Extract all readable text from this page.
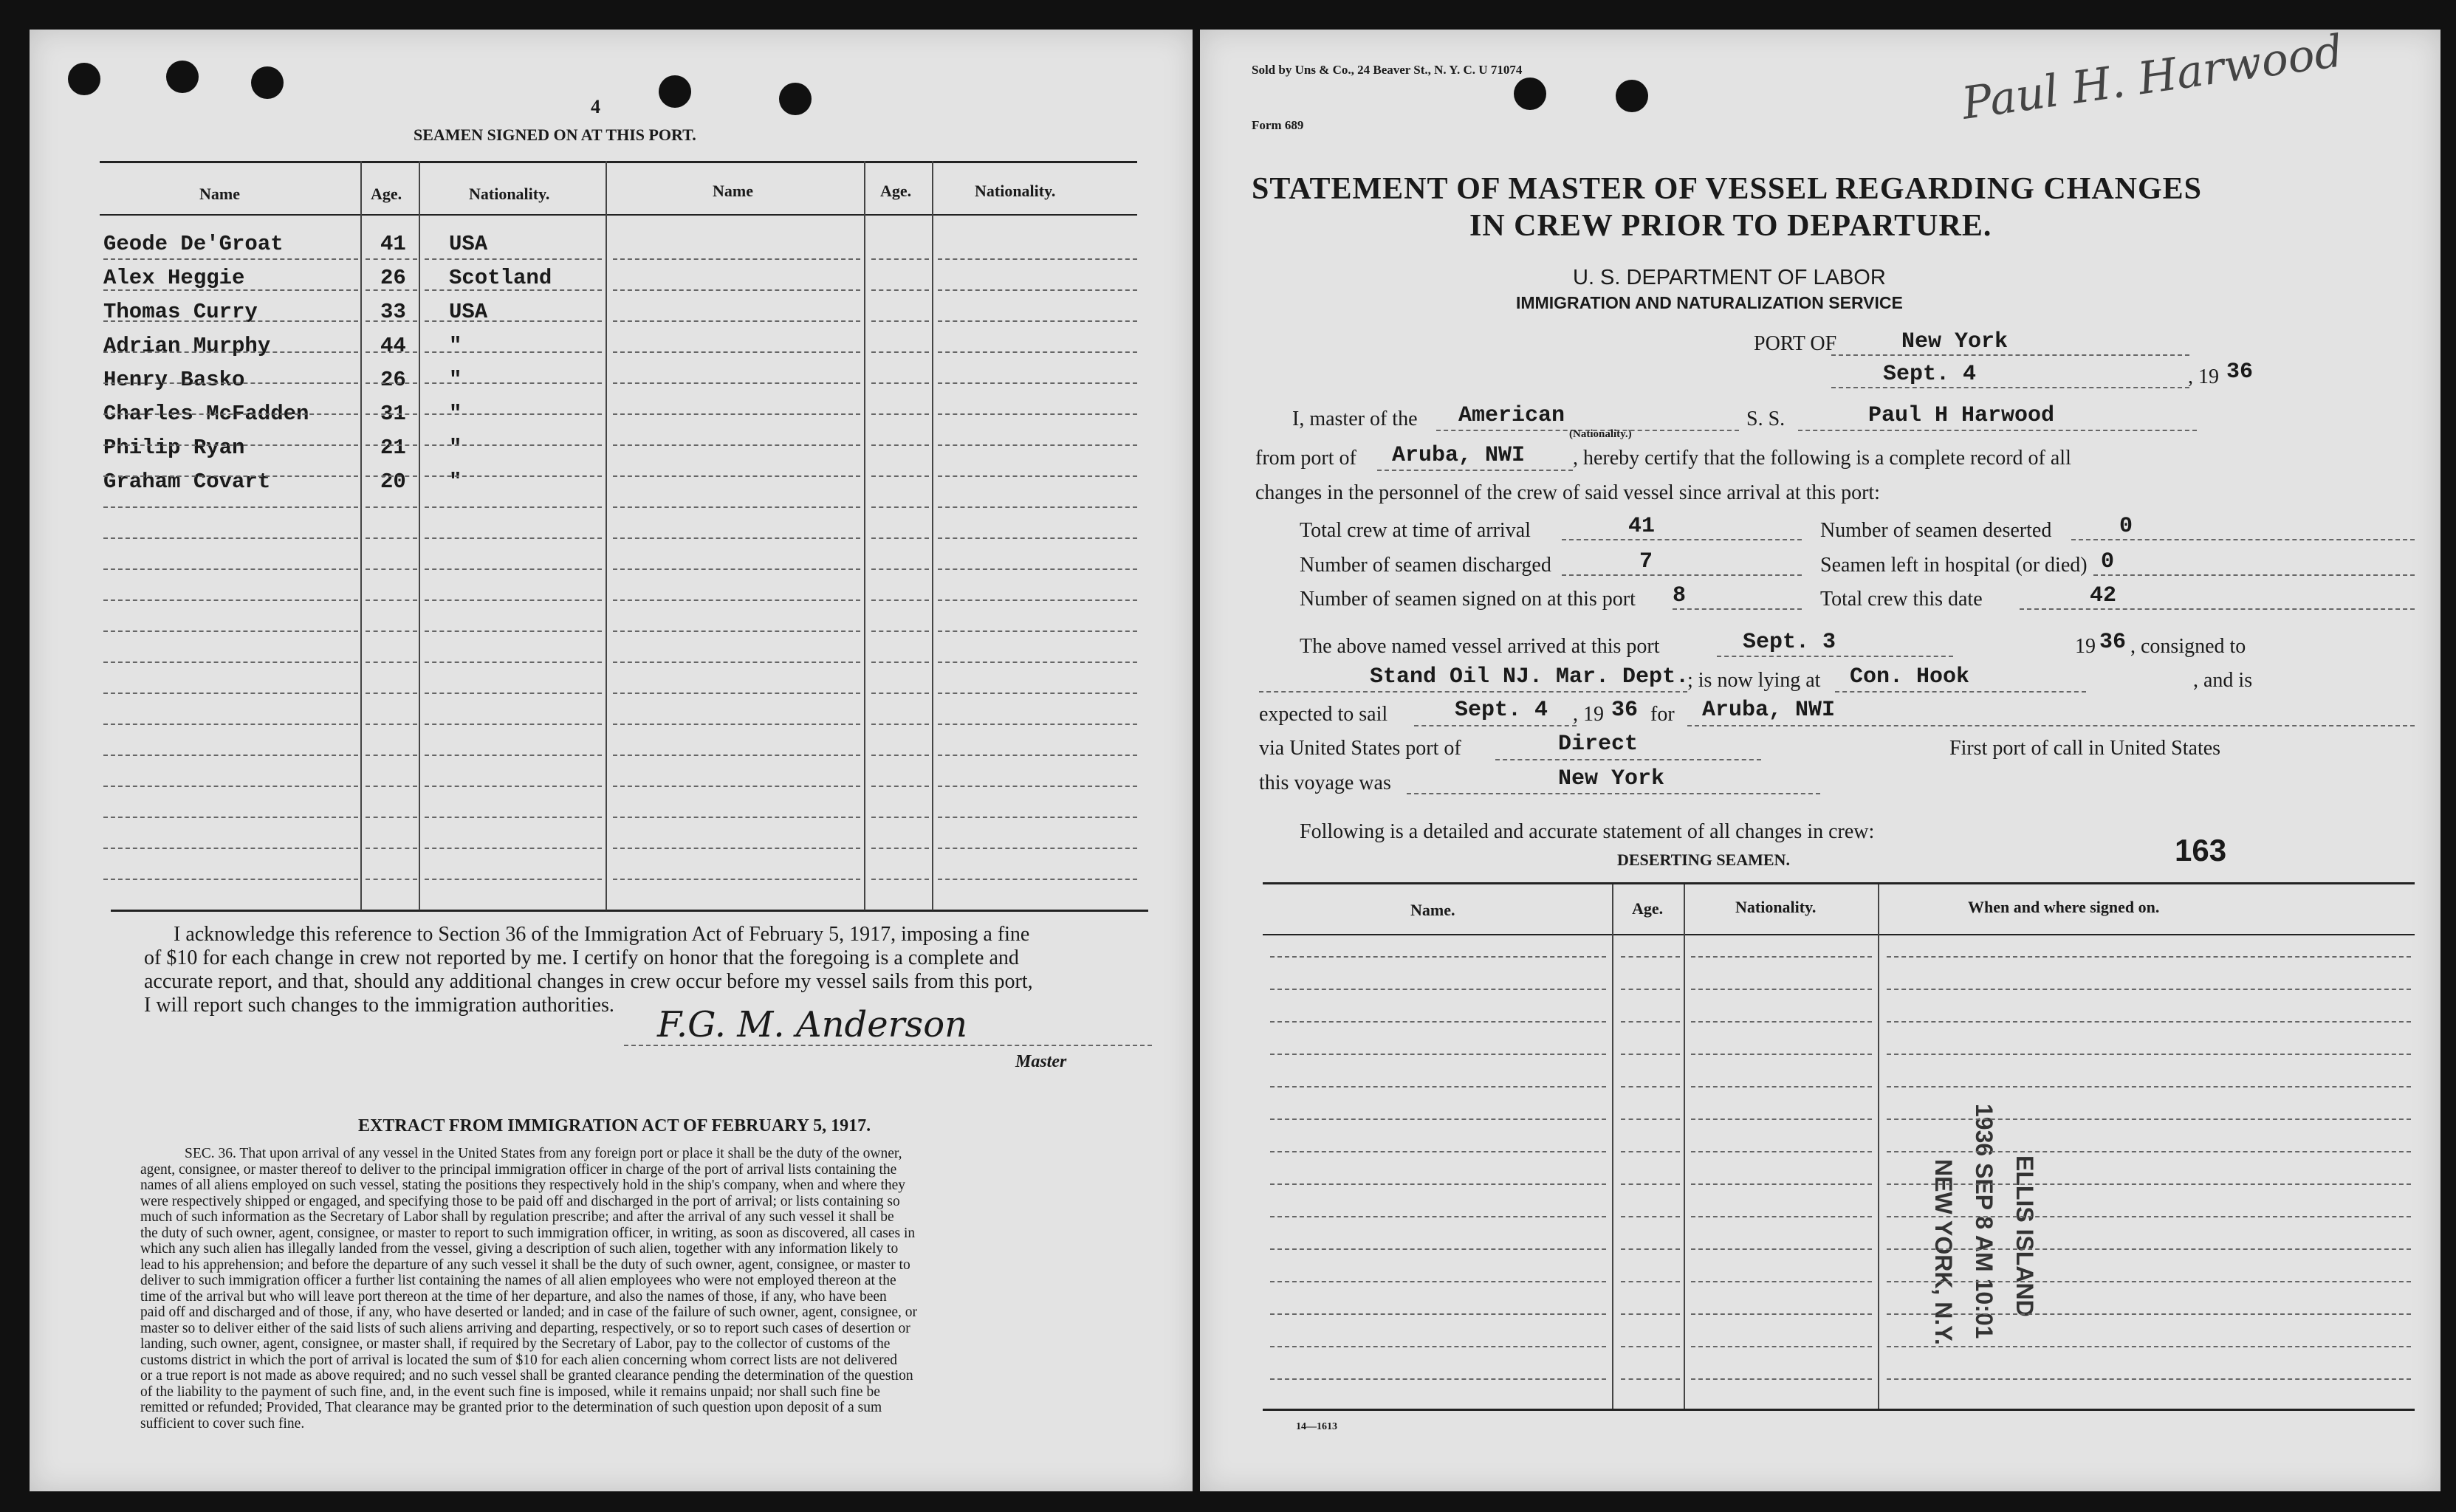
4
SEAMEN SIGNED ON AT THIS PORT.
Name	Age.	Nationality.	Name	Age.	Nationality.
I acknowledge this reference to Section 36 of the Immigration Act of February 5, 1917, imposing a fine
of $10 for each change in crew not reported by me. I certify on honor that the foregoing is a complete and
accurate report, and that, should any additional changes in crew occur before my vessel sails from this port,
I will report such changes to the immigration authorities.	F.G. M. Anderson
Master
EXTRACT FROM IMMIGRATION ACT OF FEBRUARY 5, 1917.
SEC. 36. That upon arrival of any vessel in the United States from any foreign port or place it shall be the duty of the owner,
agent, consignee, or master thereof to deliver to the principal immigration officer in charge of the port of arrival lists containing the
names of all aliens employed on such vessel, stating the positions they respectively hold in the ship's company, when and where they
were respectively shipped or engaged, and specifying those to be paid off and discharged in the port of arrival; or lists containing so
much of such information as the Secretary of Labor shall by regulation prescribe; and after the arrival of any such vessel it shall be
the duty of such owner, agent, consignee, or master to report to such immigration officer, in writing, as soon as discovered, all cases in
which any such alien has illegally landed from the vessel, giving a description of such alien, together with any information likely to
lead to his apprehension; and before the departure of any such vessel it shall be the duty of such owner, agent, consignee, or master to
deliver to such immigration officer a further list containing the names of all alien employees who were not employed thereon at the
time of the arrival but who will leave port thereon at the time of her departure, and also the names of those, if any, who have been
paid off and discharged and of those, if any, who have deserted or landed; and in case of the failure of such owner, agent, consignee, or
master so to deliver either of the said lists of such aliens arriving and departing, respectively, or so to report such cases of desertion or
landing, such owner, agent, consignee, or master shall, if required by the Secretary of Labor, pay to the collector of customs of the
customs district in which the port of arrival is located the sum of $10 for each alien concerning whom correct lists are not delivered
or a true report is not made as above required; and no such vessel shall be granted clearance pending the determination of the question
of the liability to the payment of such fine, and, in the event such fine is imposed, while it remains unpaid; nor shall such fine be
remitted or refunded; Provided, That clearance may be granted prior to the determination of such question upon deposit of a sum
sufficient to cover such fine.
Geode De'Groat	41 USA
Alex Heggie	26 Scotland
Thomas Curry	33 USA
Adrian Murphy	44 "
Henry Basko	26 "
Charles McFadden	31 "
Philip Ryan	21 "
Graham Covart	20 "
Sold by Uns & Co., 24 Beaver St., N. Y. C. U 71074
Form 689	Paul H. Harwood
STATEMENT OF MASTER OF VESSEL REGARDING CHANGES
IN CREW PRIOR TO DEPARTURE.
U. S. DEPARTMENT OF LABOR
IMMIGRATION AND NATURALIZATION SERVICE
PORT OF	New York
Sept. 4	, 19 36
I, master of the American
(Nationality.)
S. S.	Paul H Harwood
from port of Aruba, NWI , hereby certify that the following is a complete record of all
changes in the personnel of the crew of said vessel since arrival at this port:
Total crew at time of arrival	41
Number of seamen discharged	7
Number of seamen signed on at this port 8
Number of seamen deserted	0
Seamen left in hospital (or died) 0
Total crew this date	42
The above named vessel arrived at this port	Sept. 3	19 36 , consigned to
Stand Oil NJ. Mar. Dept.
; is now lying at Con. Hook	, and is
expected to sail	Sept. 4 , 19 36 for Aruba, NWI
via United States port of	Direct	First port of call in United States
this voyage was	New York
Following is a detailed and accurate statement of all changes in crew:
DESERTING SEAMEN.	163
Name.	Age.	Nationality.	When and where signed on.
14—1613
ELLIS ISLAND
1936 SEP 8 AM 10:01
NEW YORK, N.Y.
